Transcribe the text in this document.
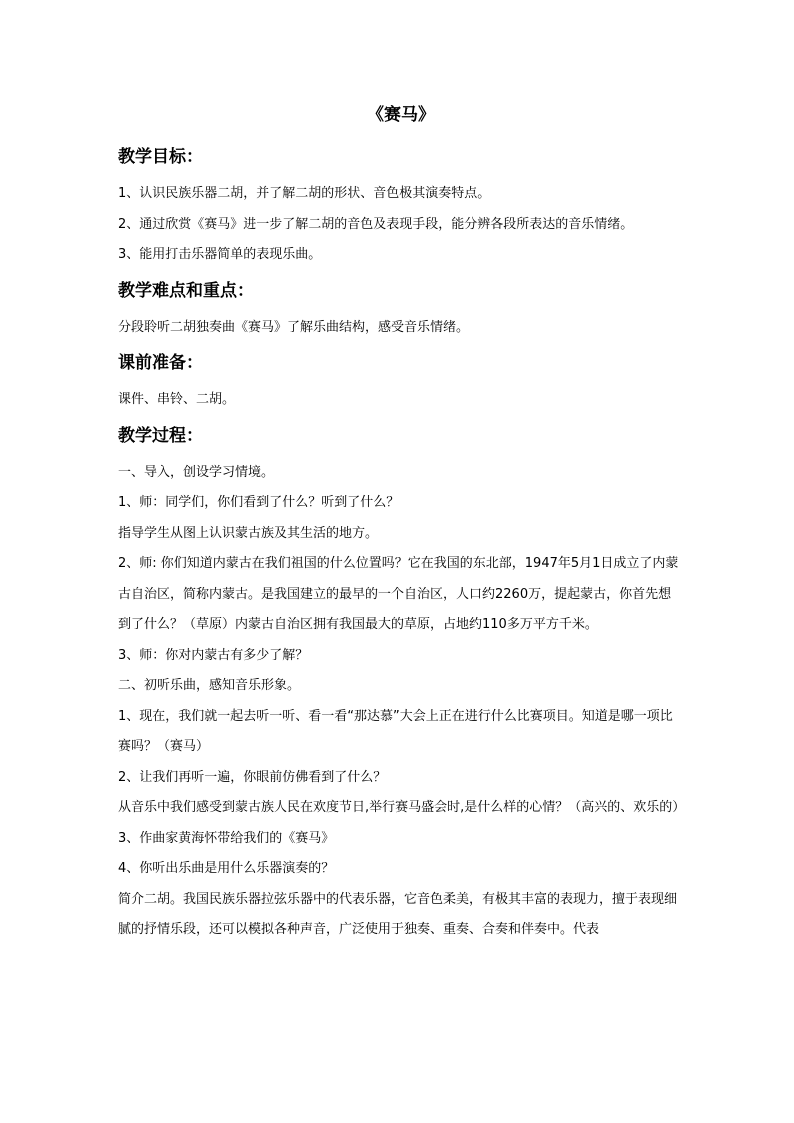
《赛马》
教学目标：

1、认识民族乐器二胡，并了解二胡的形状、音色极其演奏特点。

2、通过欣赏《赛马》进一步了解二胡的音色及表现手段，能分辨各段所表达的音乐情绪。

3、能用打击乐器简单的表现乐曲。

教学难点和重点：

分段聆听二胡独奏曲《赛马》了解乐曲结构，感受音乐情绪。

课前准备：

课件、串铃、二胡。

教学过程：

一、导入，创设学习情境。

1、师：同学们，你们看到了什么？听到了什么？

指导学生从图上认识蒙古族及其生活的地方。

2、师: 你们知道内蒙古在我们祖国的什么位置吗？它在我国的东北部，1947年5月1日成立了内蒙古自治区，简称内蒙古。是我国建立的最早的一个自治区，人口约2260万，提起蒙古，你首先想到了什么？（草原）内蒙古自治区拥有我国最大的草原，占地约110多万平方千米。

3、师：你对内蒙古有多少了解？

二、初听乐曲，感知音乐形象。

1、现在，我们就一起去听一听、看一看“那达慕”大会上正在进行什么比赛项目。知道是哪一项比赛吗？（赛马）

2、让我们再听一遍，你眼前仿佛看到了什么？

从音乐中我们感受到蒙古族人民在欢度节日,举行赛马盛会时,是什么样的心情？（高兴的、欢乐的）

3、作曲家黄海怀带给我们的《赛马》

4、你听出乐曲是用什么乐器演奏的？

简介二胡。我国民族乐器拉弦乐器中的代表乐器，它音色柔美，有极其丰富的表现力，擅于表现细腻的抒情乐段，还可以模拟各种声音，广泛使用于独奏、重奏、合奏和伴奏中。代表
